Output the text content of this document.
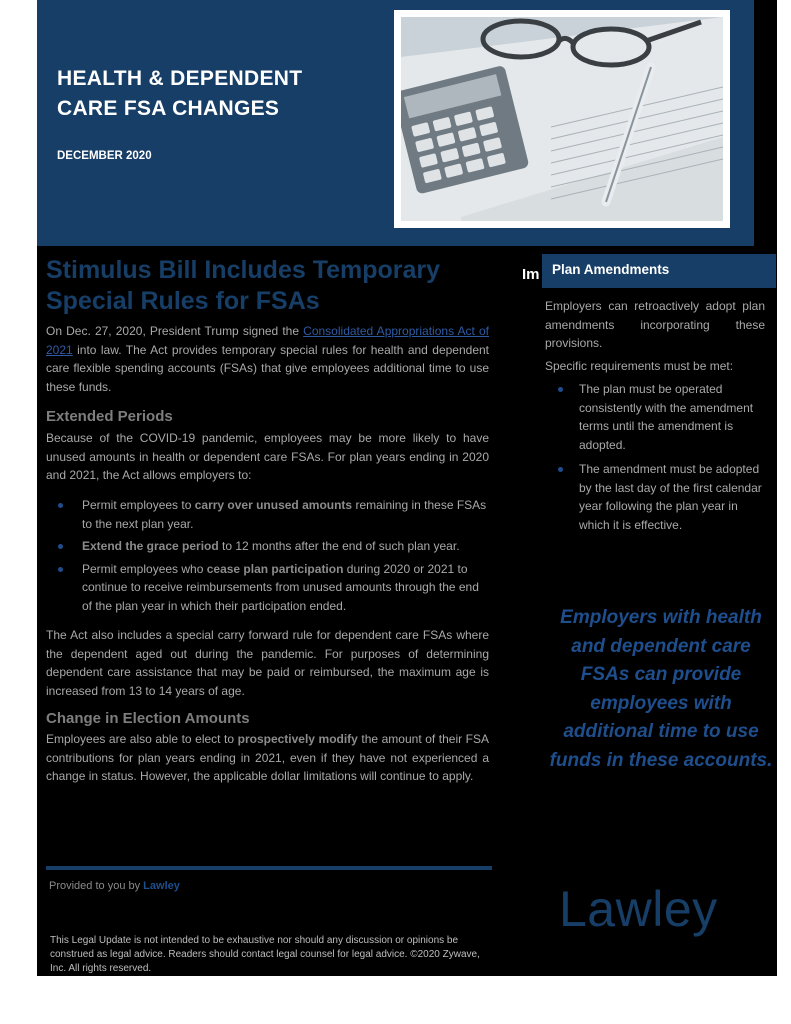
HEALTH & DEPENDENT
CARE FSA CHANGES
DECEMBER 2020
Stimulus Bill Includes Temporary Special Rules for FSAs

On Dec. 27, 2020, President Trump signed the Consolidated Appropriations Act of 2021 into law. The Act provides temporary special rules for health and dependent care flexible spending accounts (FSAs) that give employees additional time to use these funds.

Extended Periods

Because of the COVID-19 pandemic, employees may be more likely to have unused amounts in health or dependent care FSAs. For plan years ending in 2020 and 2021, the Act allows employers to:

Permit employees to carry over unused amounts remaining in these FSAs to the next plan year.
Extend the grace period to 12 months after the end of such plan year.
Permit employees who cease plan participation during 2020 or 2021 to continue to receive reimbursements from unused amounts through the end of the plan year in which their participation ended.

The Act also includes a special carry forward rule for dependent care FSAs where the dependent aged out during the pandemic. For purposes of determining dependent care assistance that may be paid or reimbursed, the maximum age is increased from 13 to 14 years of age.

Change in Election Amounts

Employees are also able to elect to prospectively modify the amount of their FSA contributions for plan years ending in 2021, even if they have not experienced a change in status. However, the applicable dollar limitations will continue to apply.

Provided to you by Lawley
This Legal Update is not intended to be exhaustive nor should any discussion or opinions be construed as legal advice. Readers should contact legal counsel for legal advice. ©2020 Zywave, Inc. All rights reserved.
Im Plan Amendments

Employers can retroactively adopt plan amendments incorporating these provisions.

Specific requirements must be met:

The plan must be operated consistently with the amendment terms until the amendment is adopted.
The amendment must be adopted by the last day of the first calendar year following the plan year in which it is effective.
Employers with health and dependent care FSAs can provide employees with additional time to use funds in these accounts.
Lawley
